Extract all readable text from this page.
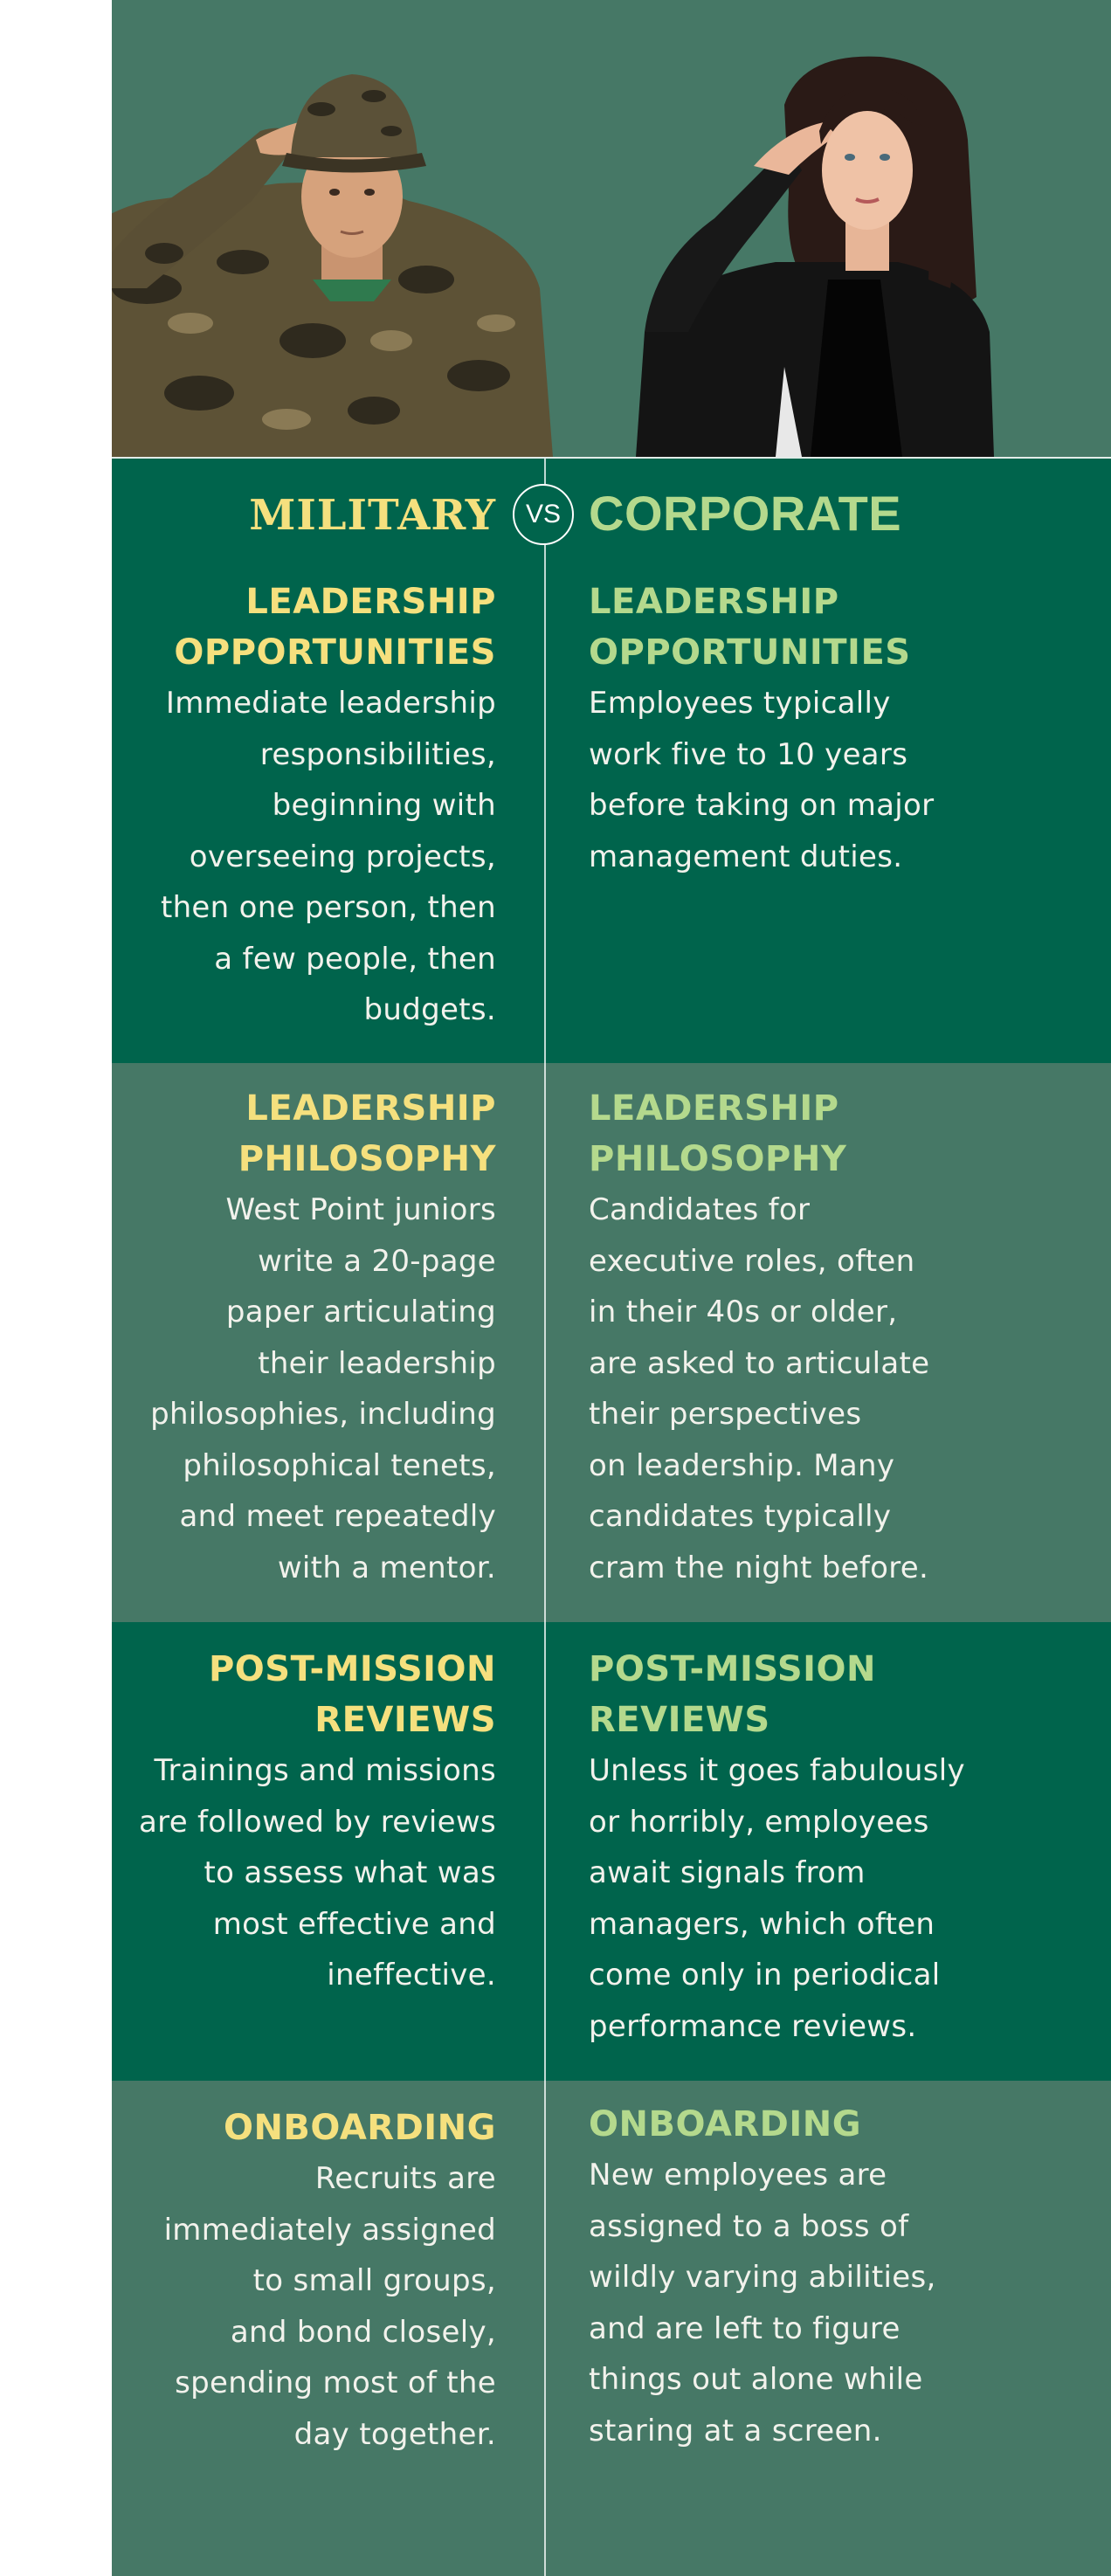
MILITARY	VS CORPORATE
LEADERSHIP
OPPORTUNITIES
Immediate leadership
responsibilities,
beginning with
overseeing projects,
then one person, then
a few people, then
budgets.
LEADERSHIP
OPPORTUNITIES
Employees typically
work five to 10 years
before taking on major
management duties.
LEADERSHIP
PHILOSOPHY
West Point juniors
write a 20-page
paper articulating
their leadership
philosophies, including
philosophical tenets,
and meet repeatedly
with a mentor.
LEADERSHIP
PHILOSOPHY
Candidates for
executive roles, often
in their 40s or older,
are asked to articulate
their perspectives
on leadership. Many
candidates typically
cram the night before.
POST-MISSION
REVIEWS
Trainings and missions
are followed by reviews
to assess what was
most effective and
ineffective.
POST-MISSION
REVIEWS
Unless it goes fabulously
or horribly, employees
await signals from
managers, which often
come only in periodical
performance reviews.
ONBOARDING
Recruits are
immediately assigned
to small groups,
and bond closely,
spending most of the
day together.
ONBOARDING
New employees are
assigned to a boss of
wildly varying abilities,
and are left to figure
things out alone while
staring at a screen.
